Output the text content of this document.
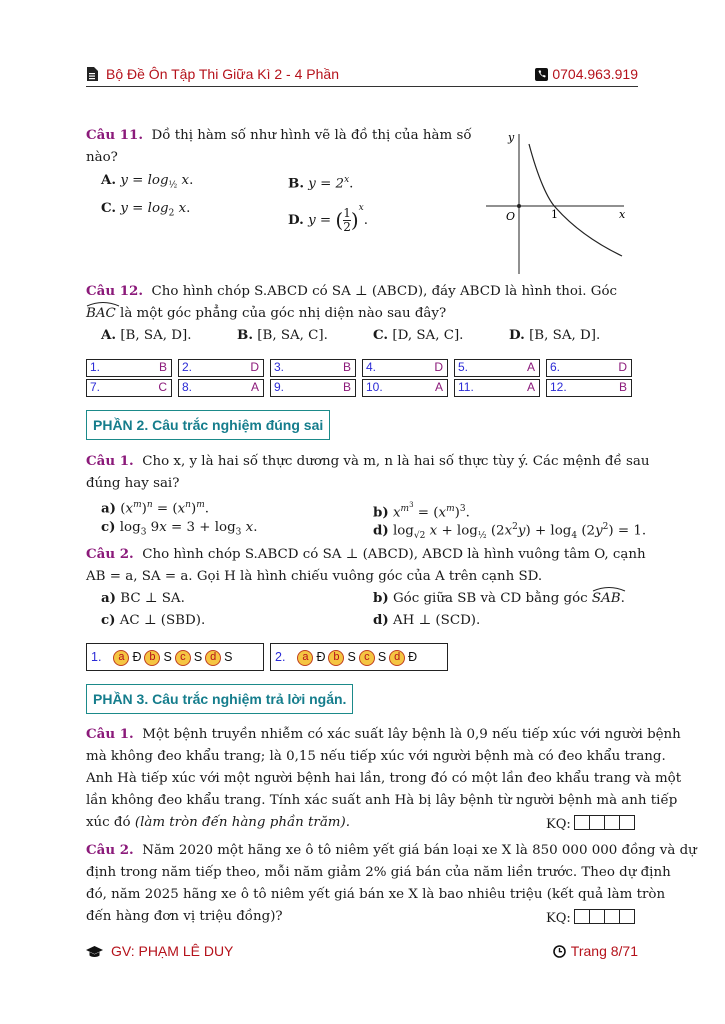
Bộ Đề Ôn Tập Thi Giữa Kì 2 - 4 Phần	0704.963.919
Câu 11. Dồ thị hàm số như hình vẽ là đồ thị của hàm số
nào?
A. $y = \log_{\frac{1}{2}} x$.	B. $y = 2^x$.
C. $y = \log_2 x$.
D. y = ( $\frac{1}{2} )^x$.
y
x
O	1
Câu 12. Cho hình chóp S.ABCD có SA ⊥ (ABCD), đáy ABCD là hình thoi. Góc
BAC là một góc phẳng của góc nhị diện nào sau đây?
A. [B, SA, D].	B. [B, SA, C].	C. [D, SA, C].	D. [B, SA, D].
1.	B 2.	D 3.	B 4.	D 5.	A 6.	D
7.	C 8.	A 9.	B 10.	A 11.	A 12.	B
PHẦN 2. Câu trắc nghiệm đúng sai
Câu 1. Cho x, y là hai số thực dương và m, n là hai số thực tùy ý. Các mệnh đề sau
đúng hay sai?
a) $(x^m)^n = (x^n)^m$.	b) $x^{m^3} = (x^m)^3$.
c) $\log_3 9x = 3 + \log_3 x$.	d) $\log_{√2} x + \log_{\frac{1}{2}} (2x^2y) + \log_4 (2y^2) = 1$.
Câu 2. Cho hình chóp S.ABCD có SA ⊥ (ABCD), ABCD là hình vuông tâm O, cạnh
AB = a, SA = a. Gọi H là hình chiếu vuông góc của A trên cạnh SD.
a) BC ⊥ SA.	b) Góc giữa SB và CD bằng góc SAB.
c) AC ⊥ (SBD).	d) AH ⊥ (SCD).
1. a Đ b S c S d S	2. a Đ b S c S d Đ
PHẦN 3. Câu trắc nghiệm trả lời ngắn.
Câu 1. Một bệnh truyền nhiễm có xác suất lây bệnh là 0,9 nếu tiếp xúc với người bệnh
mà không đeo khẩu trang; là 0,15 nếu tiếp xúc với người bệnh mà có đeo khẩu trang.
Anh Hà tiếp xúc với một người bệnh hai lần, trong đó có một lần đeo khẩu trang và một
lần không đeo khẩu trang. Tính xác suất anh Hà bị lây bệnh từ người bệnh mà anh tiếp
xúc đó (làm tròn đến hàng phần trăm).	KQ:
Câu 2. Năm 2020 một hãng xe ô tô niêm yết giá bán loại xe X là 850 000 000 đồng và dự
định trong năm tiếp theo, mỗi năm giảm 2% giá bán của năm liền trước. Theo dự định
đó, năm 2025 hãng xe ô tô niêm yết giá bán xe X là bao nhiêu triệu (kết quả làm tròn
đến hàng đơn vị triệu đồng)?	KQ:
GV: PHẠM LÊ DUY	Trang 8/71
